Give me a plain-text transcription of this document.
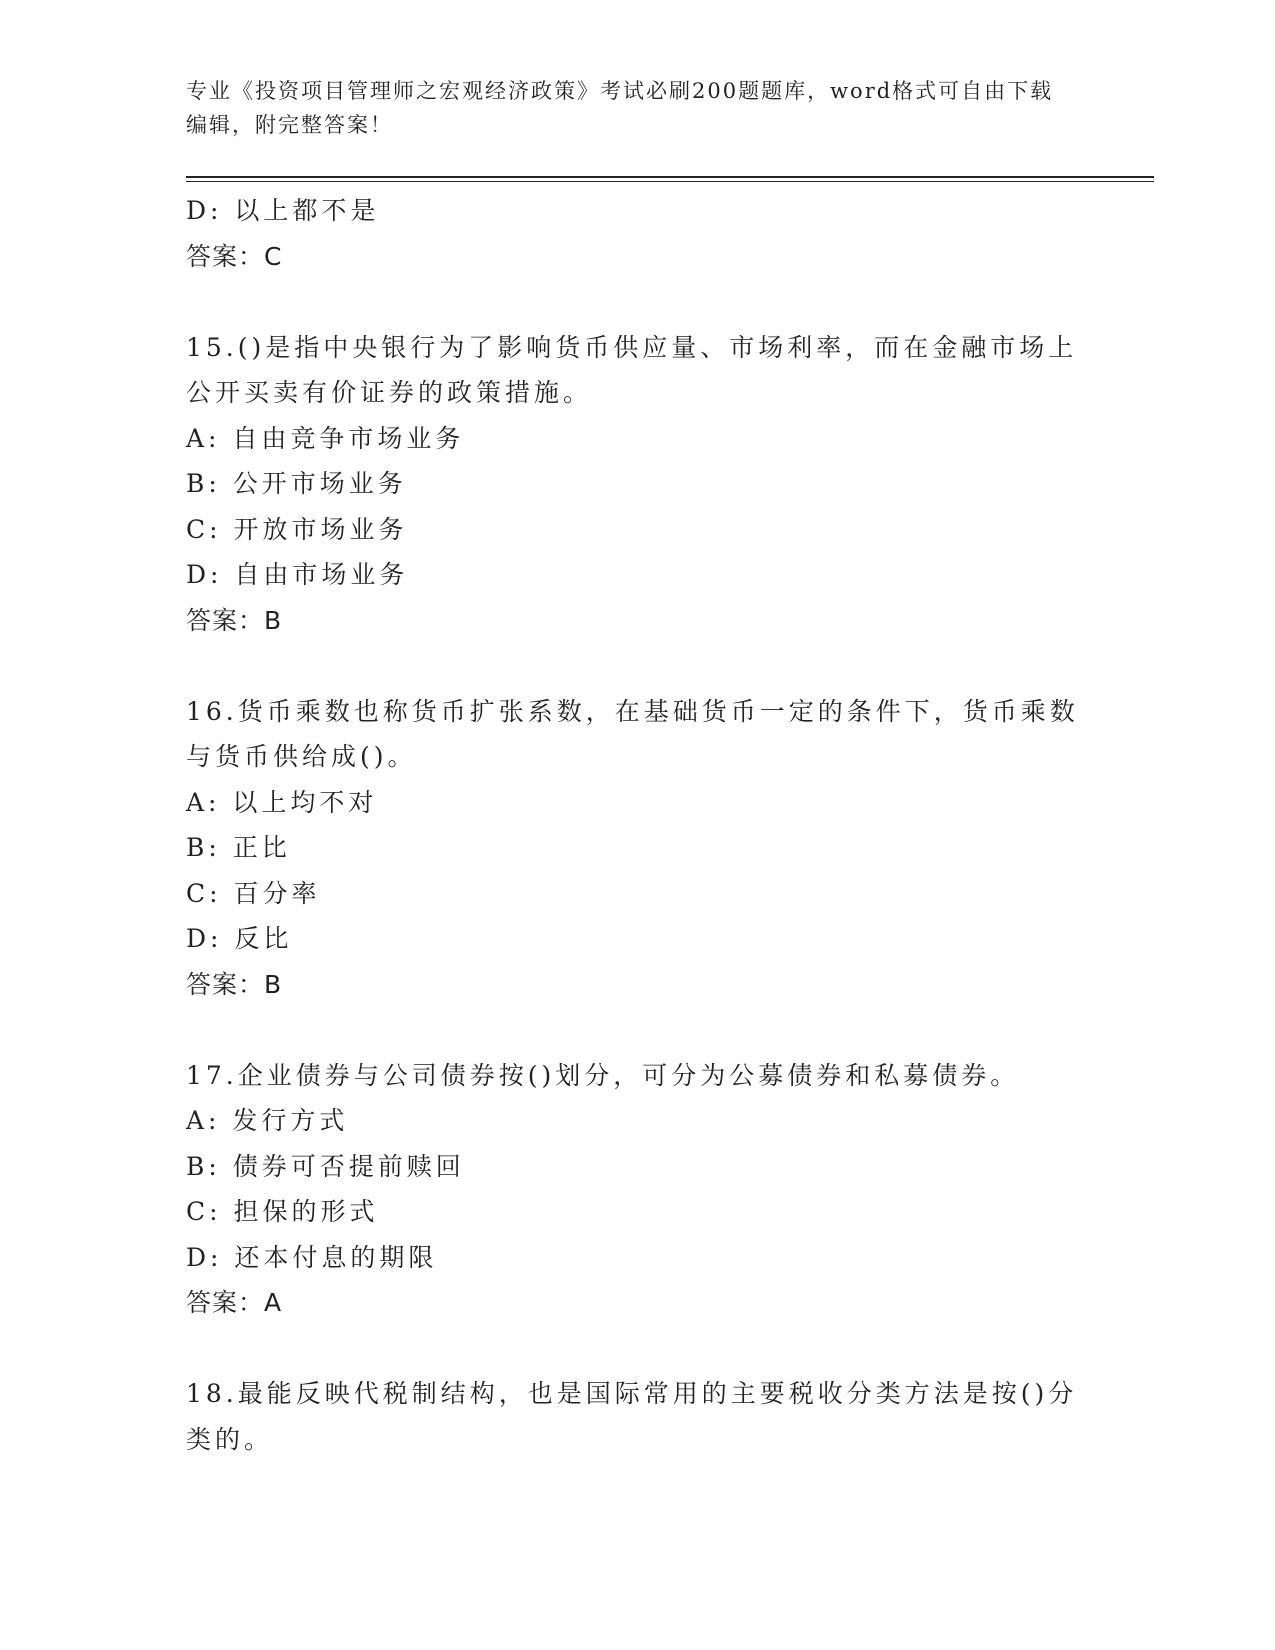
专业《投资项目管理师之宏观经济政策》考试必刷200题题库，word格式可自由下载编辑，附完整答案！
D: 以上都不是
答案：C
15.()是指中央银行为了影响货币供应量、市场利率，而在金融市场上公开买卖有价证券的政策措施。
A: 自由竞争市场业务
B: 公开市场业务
C: 开放市场业务
D: 自由市场业务
答案：B
16.货币乘数也称货币扩张系数，在基础货币一定的条件下，货币乘数与货币供给成()。
A: 以上均不对
B: 正比
C: 百分率
D: 反比
答案：B
17.企业债券与公司债券按()划分，可分为公募债券和私募债券。
A: 发行方式
B: 债券可否提前赎回
C: 担保的形式
D: 还本付息的期限
答案：A
18.最能反映代税制结构，也是国际常用的主要税收分类方法是按()分类的。
